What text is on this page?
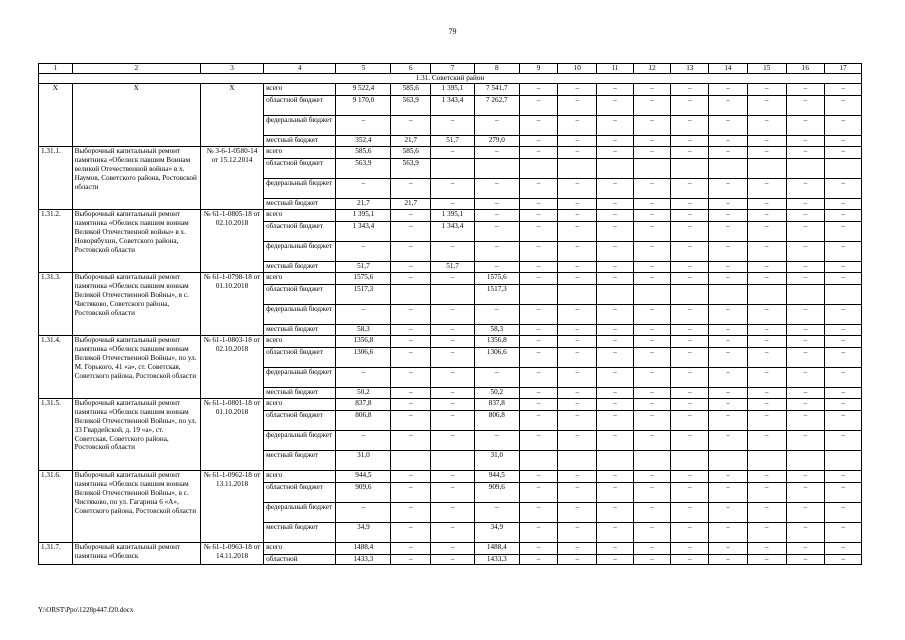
79
1	2	3	4	5	6	7	8	9	10	11	12	13	14	15	16	17
1.31. Советский район																
Х	Х	Х	всего	9 522,4	585,6	1 395,1	7 541,7	–	–	–	–	–	–	–	–	–
			областной бюджет	9 170,0	563,9	1 343,4	7 262,7	–	–	–	–	–	–	–	–	–
			федеральный бюджет	–	–	–	–	–	–	–	–	–	–	–	–	–
			местный бюджет	352,4	21,7	51,7	279,0	–	–	–	–	–	–	–	–	–
1.31.1.	Выборочный капитальный ремонт памятника «Обелиск павшим Воинам великой Отечественной войны» в х. Наумов, Советского района, Ростовской области	№ 3-6-1-0580-14 от 15.12.2014	всего	585,6	585,6	–	–	–	–	–	–	–	–	–	–	–
			областной бюджет	563,9	563,9											
			федеральный бюджет	–	–	–	–	–	–	–	–	–	–	–	–	–
			местный бюджет	21,7	21,7	–	–	–	–	–	–	–	–	–	–	–
1.31.2.	Выборочный капитальный ремонт памятника «Обелиск павшим воинам Великой Отечественной войны» в х. Новорябухин, Советского района, Ростовской области	№ 61-1-0805-18 от 02.10.2018	всего	1 395,1	–	1 395,1	–	–	–	–	–	–	–	–	–	–
			областной бюджет	1 343,4	–	1 343,4	–	–	–	–	–	–	–	–	–	–
			федеральный бюджет	–	–	–	–	–	–	–	–	–	–	–	–	–
			местный бюджет	51,7	–	51,7	–	–	–	–	–	–	–	–	–	–
1.31.3.	Выборочный капитальный ремонт памятника «Обелиск павшим воинам Великой Отечественной Войны», в с. Чистяково, Советского района, Ростовской области	№ 61-1-0798-18 от 01.10.2018	всего	1575,6	–	–	1575,6	–	–	–	–	–	–	–	–	–
			областной бюджет	1517,3			1517,3									
			федеральный бюджет	–	–	–	–	–	–	–	–	–	–	–	–	–
			местный бюджет	58,3	–	–	58,3	–	–	–	–	–	–	–	–	–
1.31.4.	Выборочный капитальный ремонт памятника «Обелиск павшим воинам Великой Отечественной Войны», по ул. М. Горького, 41 «а», ст. Советская, Советского района, Ростовской области	№ 61-1-0803-18 от 02.10.2018	всего	1356,8	–	–	1356,8	–	–	–	–	–	–	–	–	–
			областной бюджет	1306,6	–	–	1306,6	–	–	–	–	–	–	–	–	–
			федеральный бюджет	–	–	–	–	–	–	–	–	–	–	–	–	–
			местный бюджет	50,2	–	–	50,2	–	–	–	–	–	–	–	–	–
1.31.5.	Выборочный капитальный ремонт памятника «Обелиск павшим воинам Великой Отечественной Войны», по ул. 33 Гвардейской, д. 19 «а», ст. Советская, Советского района, Ростовской области	№ 61-1-0801-18 от 01.10.2018	всего	837,8	–	–	837,8	–	–	–	–	–	–	–	–	–
			областной бюджет	806,8	–	–	806,8	–	–	–	–	–	–	–	–	–
			федеральный бюджет	–	–	–	–	–	–	–	–	–	–	–	–	–
			местный бюджет	31,0			31,0									
1.31.6.	Выборочный капитальный ремонт памятника «Обелиск павшим воинам Великой Отечественной Войны», в с. Чистяково, по ул. Гагарина 6 «А», Советского района, Ростовской области	№ 61-1-0962-18 от 13.11.2018	всего	944,5	–	–	944,5	–	–	–	–	–	–	–	–	–
			областной бюджет	909,6	–	–	909,6	–	–	–	–	–	–	–	–	–
			федеральный бюджет	–	–	–	–	–	–	–	–	–	–	–	–	–
			местный бюджет	34,9	–	–	34,9	–	–	–	–	–	–	–	–	–
1.31.7.	Выборочный капитальный ремонт памятника «Обелиск	№ 61-1-0963-18 от 14.11.2018	всего	1488,4	–	–	1488,4	–	–	–	–	–	–	–	–	–
			областной	1433,3	–	–	1433,3	–	–	–	–	–	–	–	–	–
Y:\ORST\Ppo\1228p447.f20.docx
